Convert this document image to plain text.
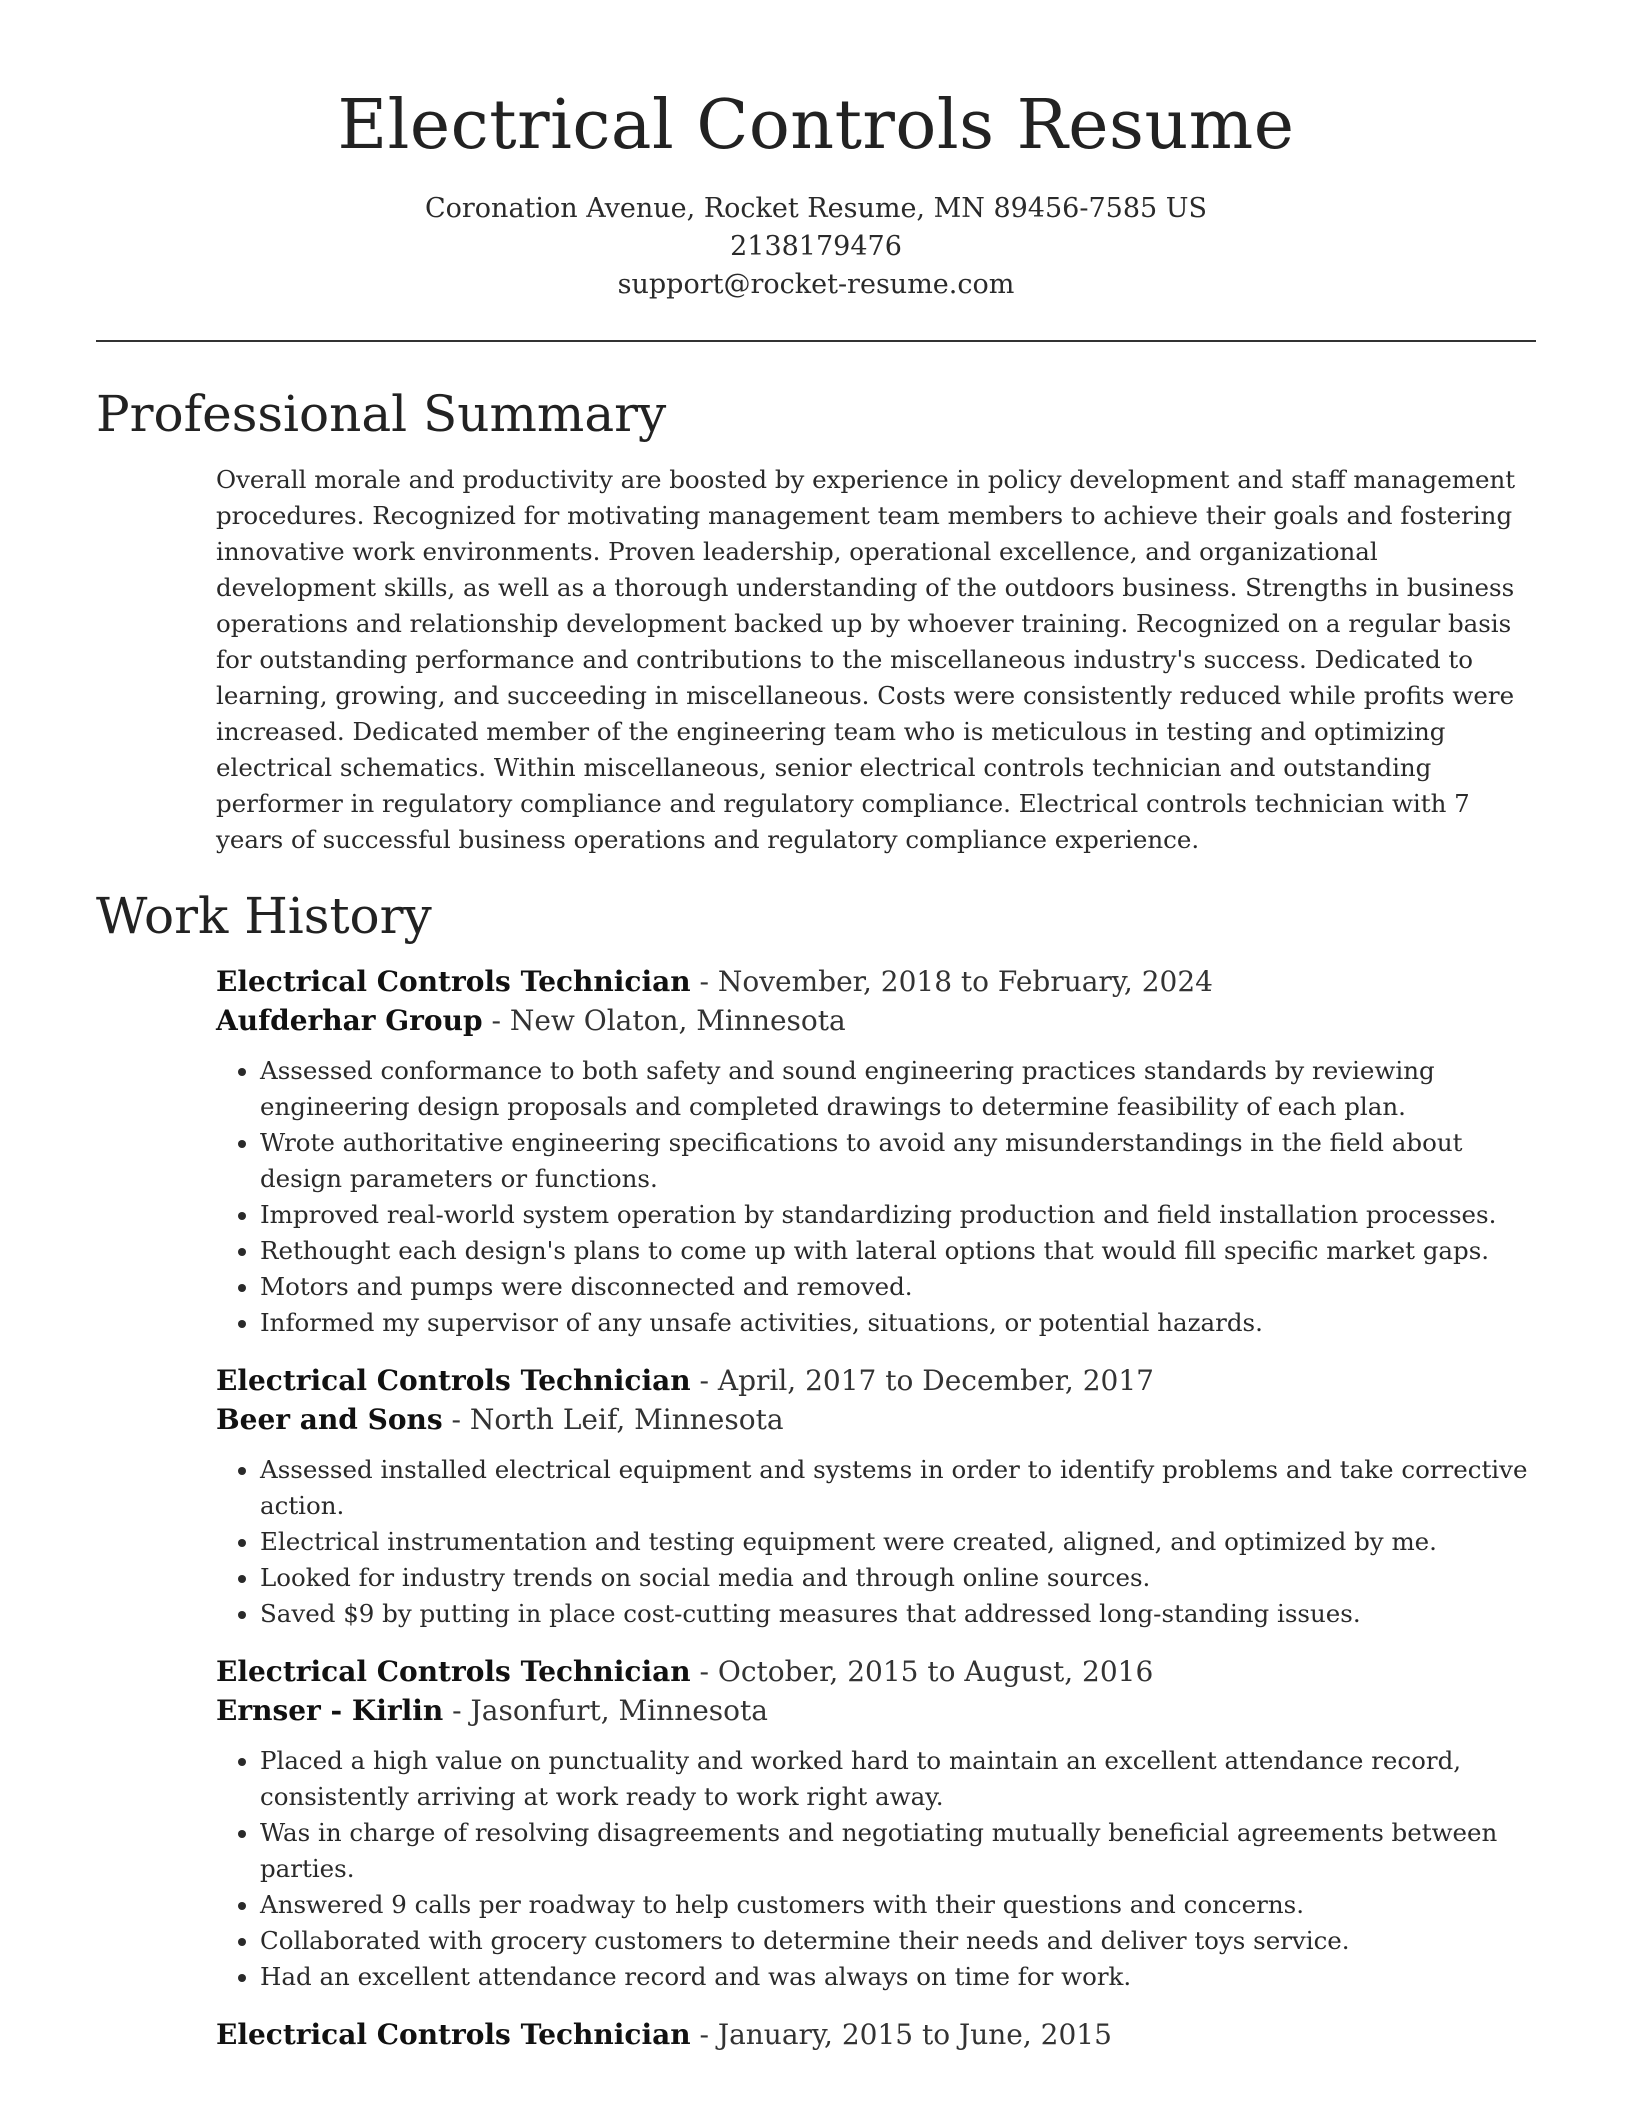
Electrical Controls Resume
Coronation Avenue, Rocket Resume, MN 89456-7585 US
2138179476
support@rocket-resume.com
Professional Summary

Overall morale and productivity are boosted by experience in policy development and staff management procedures. Recognized for motivating management team members to achieve their goals and fostering innovative work environments. Proven leadership, operational excellence, and organizational development skills, as well as a thorough understanding of the outdoors business. Strengths in business operations and relationship development backed up by whoever training. Recognized on a regular basis for outstanding performance and contributions to the miscellaneous industry's success. Dedicated to learning, growing, and succeeding in miscellaneous. Costs were consistently reduced while profits were increased. Dedicated member of the engineering team who is meticulous in testing and optimizing electrical schematics. Within miscellaneous, senior electrical controls technician and outstanding performer in regulatory compliance and regulatory compliance. Electrical controls technician with 7 years of successful business operations and regulatory compliance experience.

Work History
Electrical Controls Technician - November, 2018 to February, 2024
Aufderhar Group - New Olaton, Minnesota
• Assessed conformance to both safety and sound engineering practices standards by reviewing engineering design proposals and completed drawings to determine feasibility of each plan.
• Wrote authoritative engineering specifications to avoid any misunderstandings in the field about design parameters or functions.
• Improved real-world system operation by standardizing production and field installation processes.
• Rethought each design's plans to come up with lateral options that would fill specific market gaps.
• Motors and pumps were disconnected and removed.
• Informed my supervisor of any unsafe activities, situations, or potential hazards.
Electrical Controls Technician - April, 2017 to December, 2017
Beer and Sons - North Leif, Minnesota
• Assessed installed electrical equipment and systems in order to identify problems and take corrective action.
• Electrical instrumentation and testing equipment were created, aligned, and optimized by me.
• Looked for industry trends on social media and through online sources.
• Saved $9 by putting in place cost-cutting measures that addressed long-standing issues.
Electrical Controls Technician - October, 2015 to August, 2016
Ernser - Kirlin - Jasonfurt, Minnesota
• Placed a high value on punctuality and worked hard to maintain an excellent attendance record, consistently arriving at work ready to work right away.
• Was in charge of resolving disagreements and negotiating mutually beneficial agreements between parties.
• Answered 9 calls per roadway to help customers with their questions and concerns.
• Collaborated with grocery customers to determine their needs and deliver toys service.
• Had an excellent attendance record and was always on time for work.
Electrical Controls Technician - January, 2015 to June, 2015
